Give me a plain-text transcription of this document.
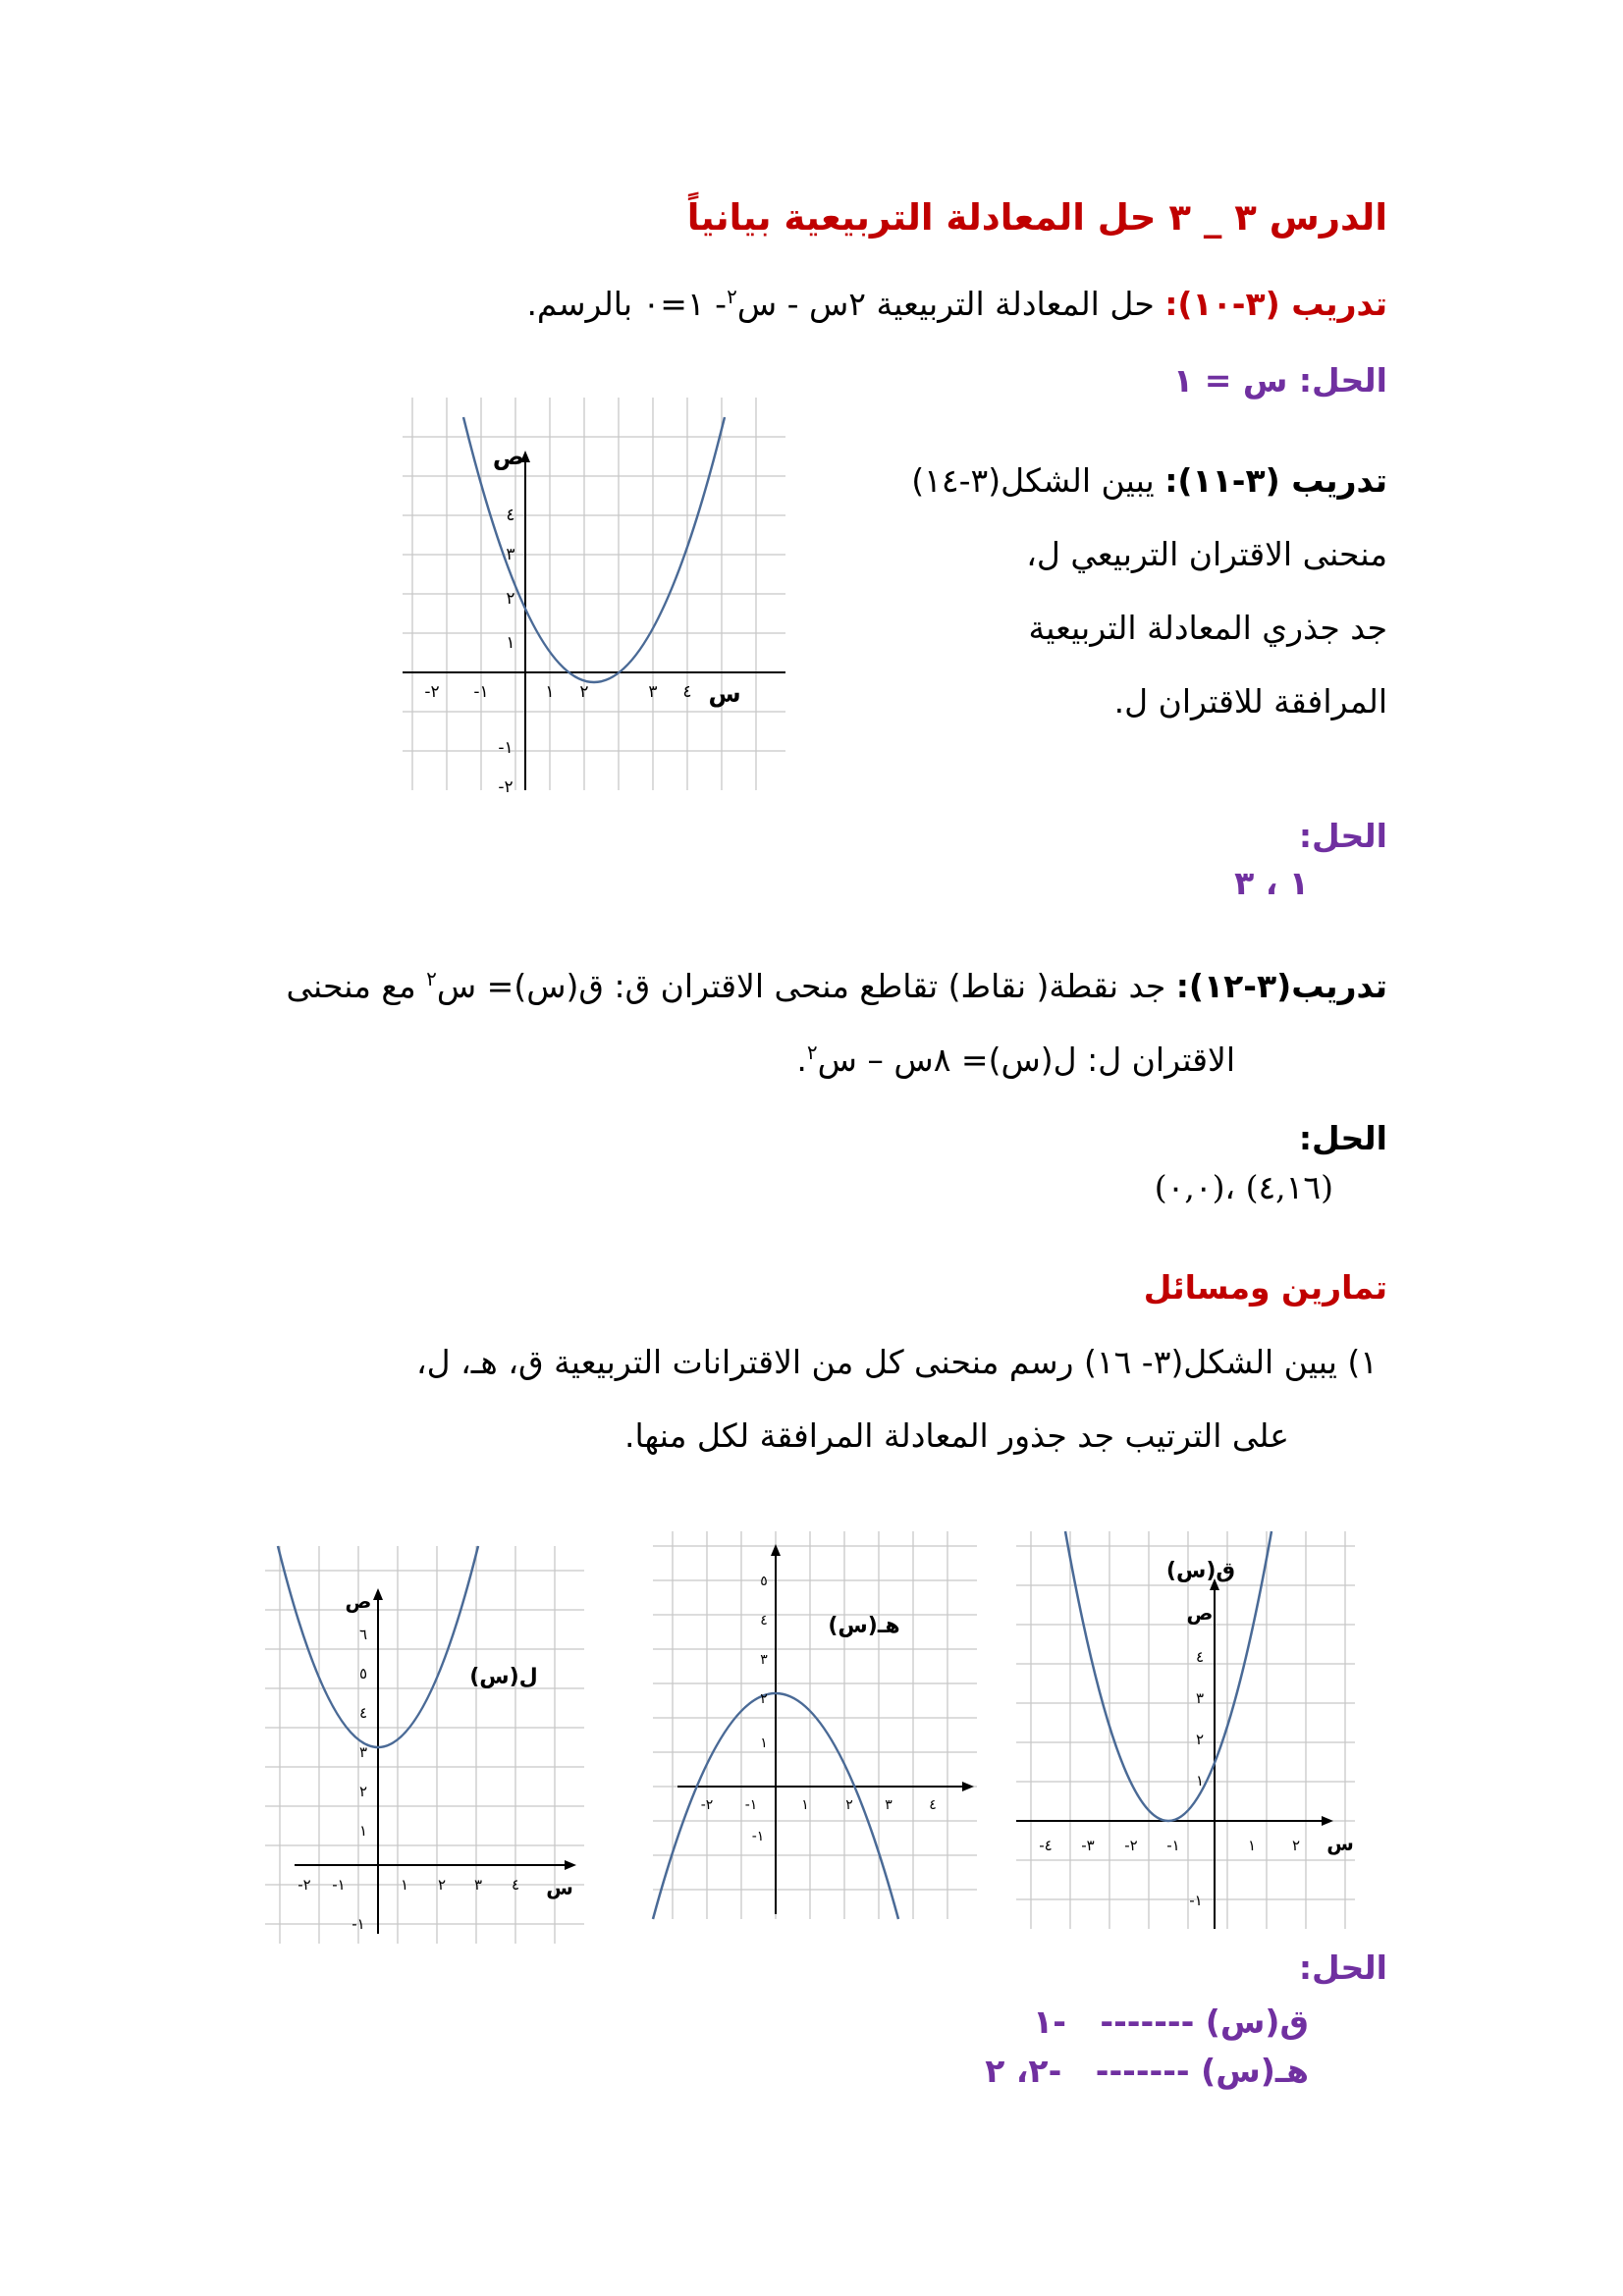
الدرس ٣ _ ٣ حل المعادلة التربيعية بيانياً
تدريب (٣-١٠): حل المعادلة التربيعية ٢س - س$^٢$- ١=٠ بالرسم.
الحل: س = ١
تدريب (٣-١١): يبين الشكل(٣-١٤)
منحنى الاقتران التربيعي ل،
جد جذري المعادلة التربيعية
المرافقة للاقتران ل.
الحل:
١ ، ٣
س
ص
-٢ -١	١ ٢	٣ ٤
٤
٣
٢
١
-١
-٢
تدريب(٣-١٢): جد نقطة( نقاط) تقاطع منحى الاقتران ق: ق(س)= س$^٢$ مع منحنى
الاقتران ل: ل(س)= ٨س – س$^٢$.
الحل:
(٠,٠)، (٤,١٦)
تمارين ومسائل
١) يبين الشكل(٣- ١٦) رسم منحنى كل من الاقترانات التربيعية ق، هـ، ل،
على الترتيب جد جذور المعادلة المرافقة لكل منها.
س
ص
ل(س)
-٢ -١	١ ٢ ٣ ٤
٦
٥
٤
٣
٢
١
-١
هـ(س)
-٢ -١	١	٢ ٣	٤
٥
٤
٣
٢
١
-١	س
ص
ق(س)
-٤ -٣ -٢ -١	١ ٢
٤
٣
٢
١
-١
الحل:
ق(س) -------   -١
هـ(س) -------   -٢، ٢
